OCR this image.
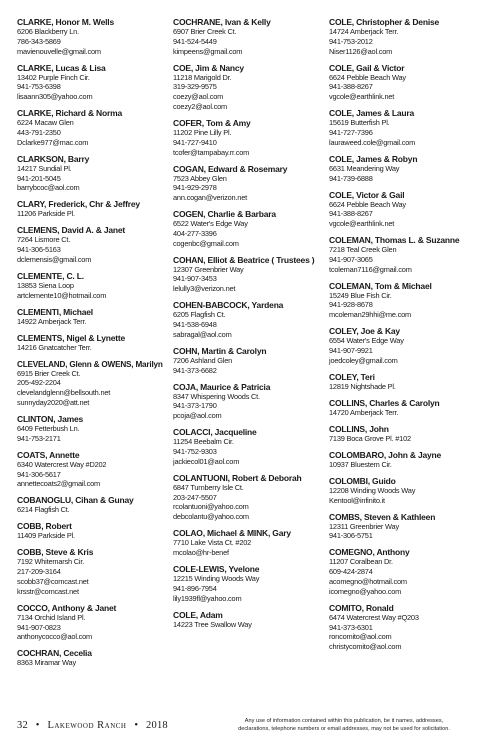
CLARKE, Honor M. Wells
6206 Blackberry Ln.
786-343-5869
mavienouvelle@gmail.com
CLARKE, Lucas & Lisa
13402 Purple Finch Cir.
941-753-6398
lisaann305@yahoo.com
CLARKE, Richard & Norma
6224 Macaw Glen
443-791-2350
Dclarke977@mac.com
CLARKSON, Barry
14217 Sundial Pl.
941-201-5045
barrybcoc@aol.com
CLARY, Frederick, Chr & Jeffrey
11206 Parkside Pl.
CLEMENS, David A. & Janet
7264 Lismore Ct.
941-306-5163
dclemensis@gmail.com
CLEMENTE, C. L.
13853 Siena Loop
artclemente10@hotmail.com
CLEMENTI, Michael
14922 Amberjack Terr.
CLEMENTS, Nigel & Lynette
14216 Gnatcatcher Terr.
CLEVELAND, Glenn & OWENS, Marilyn
6915 Brier Creek Ct.
205-492-2204
clevelandglenn@bellsouth.net
sunnyday2020@att.net
CLINTON, James
6409 Fetterbush Ln.
941-753-2171
COATS, Annette
6340 Watercrest Way #D202
941-306-5617
annettecoats2@gmail.com
COBANOGLU, Cihan & Gunay
6214 Flagfish Ct.
COBB, Robert
11409 Parkside Pl.
COBB, Steve & Kris
7192 Whitemarsh Cir.
217-209-3164
scobb37@comcast.net
krsstr@comcast.net
COCCO, Anthony & Janet
7134 Orchid Island Pl.
941-907-0823
anthonycocco@aol.com
COCHRAN, Cecelia
8363 Miramar Way
COCHRANE, Ivan & Kelly
6907 Brier Creek Ct.
941-524-5449
kimpeens@gmail.com
COE, Jim & Nancy
11218 Marigold Dr.
319-329-9575
coezy@aol.com
coezy2@aol.com
COFER, Tom & Amy
11202 Pine Lilly Pl.
941-727-9410
tcofer@tampabay.rr.com
COGAN, Edward & Rosemary
7523 Abbey Glen
941-929-2978
ann.cogan@verizon.net
COGEN, Charlie & Barbara
6522 Water's Edge Way
404-277-3396
cogenbc@gmail.com
COHAN, Elliot & Beatrice ( Trustees )
12307 Greenbrier Way
941-907-3453
lelully3@verizon.net
COHEN-BABCOCK, Yardena
6205 Flagfish Ct.
941-538-6948
sabragal@aol.com
COHN, Martin & Carolyn
7206 Ashland Glen
941-373-6682
COJA, Maurice & Patricia
8347 Whispering Woods Ct.
941-373-1790
pcoja@aol.com
COLACCI, Jacqueline
11254 Beebalm Cir.
941-752-9303
jackiecol01@aol.com
COLANTUONI, Robert & Deborah
6847 Turnberry Isle Ct.
203-247-5507
rcolantuoni@yahoo.com
debcolantu@yahoo.com
COLAO, Michael & MINK, Gary
7710 Lake Vista Ct. #202
mcolao@hr-benef
COLE-LEWIS, Yvelone
12215 Winding Woods Way
941-896-7954
lily1939fl@yahoo.com
COLE, Adam
14223 Tree Swallow Way
COLE, Christopher & Denise
14724 Amberjack Terr.
941-753-2012
Niser1126@aol.com
COLE, Gail & Victor
6624 Pebble Beach Way
941-388-8267
vgcole@earthlink.net
COLE, James & Laura
15619 Butterfish Pl.
941-727-7396
lauraweed.cole@gmail.com
COLE, James & Robyn
6631 Meandering Way
941-739-6888
COLE, Victor & Gail
6624 Pebble Beach Way
941-388-8267
vgcole@earthlink.net
COLEMAN, Thomas L. & Suzanne
7218 Teal Creek Glen
941-907-3065
tcoleman7116@gmail.com
COLEMAN, Tom & Michael
15249 Blue Fish Cir.
941-928-8678
mcoleman29hhi@me.com
COLEY, Joe & Kay
6554 Water's Edge Way
941-907-9921
joedcoley@gmail.com
COLEY, Teri
12819 Nightshade Pl.
COLLINS, Charles & Carolyn
14720 Amberjack Terr.
COLLINS, John
7139 Boca Grove Pl. #102
COLOMBARO, John & Jayne
10937 Bluestem Cir.
COLOMBI, Guido
12208 Winding Woods Way
Kentool@infinito.it
COMBS, Steven & Kathleen
12311 Greenbrier Way
941-306-5751
COMEGNO, Anthony
11207 Coralbean Dr.
609-424-2874
acomegno@hotmail.com
icomegno@yahoo.com
COMITO, Ronald
6474 Watercrest Way #Q203
941-373-6301
roncomito@aol.com
christycomito@aol.com
32 • Lakewood Ranch • 2018	Any use of information contained within this publication, be it names, addresses,
declarations, telephone numbers or email addresses, may not be used for solicitation.
